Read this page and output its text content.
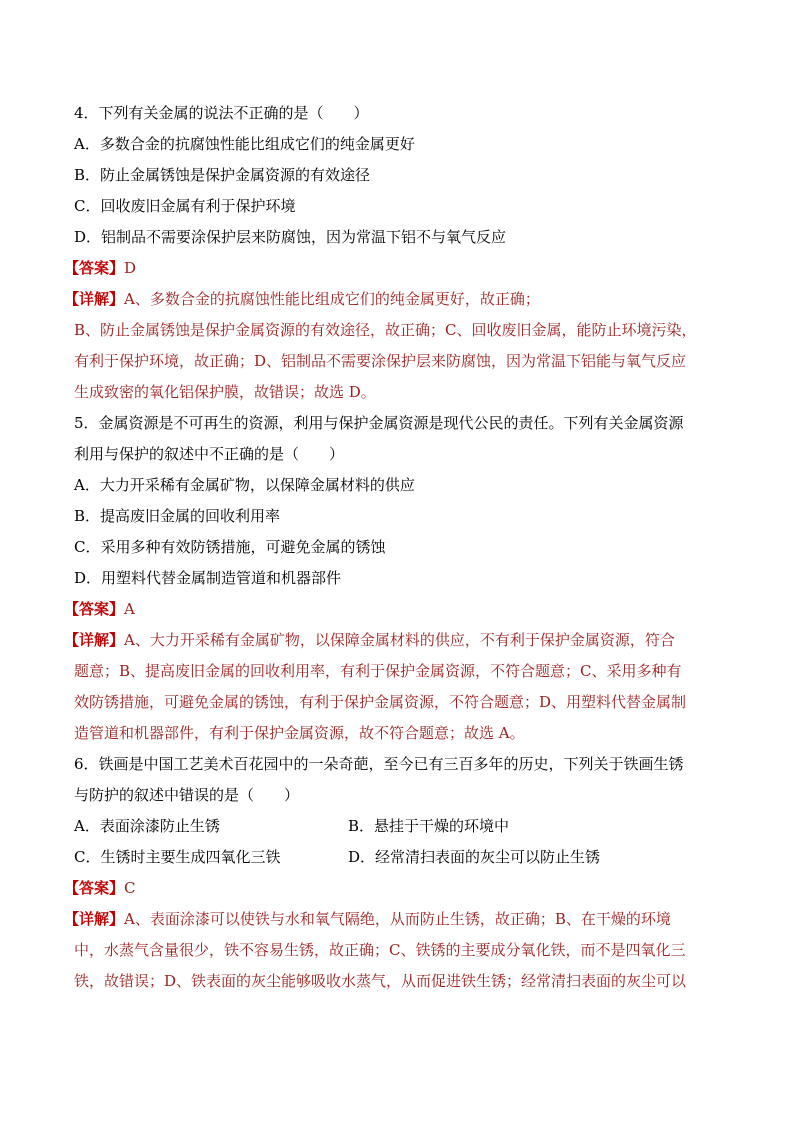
4．下列有关金属的说法不正确的是（　　）
A．多数合金的抗腐蚀性能比组成它们的纯金属更好
B．防止金属锈蚀是保护金属资源的有效途径
C．回收废旧金属有利于保护环境
D．铝制品不需要涂保护层来防腐蚀，因为常温下铝不与氧气反应
【答案】D
【详解】A、多数合金的抗腐蚀性能比组成它们的纯金属更好，故正确；
B、防止金属锈蚀是保护金属资源的有效途径，故正确；C、回收废旧金属，能防止环境污染，
有利于保护环境，故正确；D、铝制品不需要涂保护层来防腐蚀，因为常温下铝能与氧气反应
生成致密的氧化铝保护膜，故错误；故选 D。
5．金属资源是不可再生的资源，利用与保护金属资源是现代公民的责任。下列有关金属资源
利用与保护的叙述中不正确的是（　　）
A．大力开采稀有金属矿物，以保障金属材料的供应
B．提高废旧金属的回收利用率
C．采用多种有效防锈措施，可避免金属的锈蚀
D．用塑料代替金属制造管道和机器部件
【答案】A
【详解】A、大力开采稀有金属矿物，以保障金属材料的供应，不有利于保护金属资源，符合
题意；B、提高废旧金属的回收利用率，有利于保护金属资源，不符合题意；C、采用多种有
效防锈措施，可避免金属的锈蚀，有利于保护金属资源，不符合题意；D、用塑料代替金属制
造管道和机器部件，有利于保护金属资源，故不符合题意；故选 A。
6．铁画是中国工艺美术百花园中的一朵奇葩，至今已有三百多年的历史，下列关于铁画生锈
与防护的叙述中错误的是（　　）
A．表面涂漆防止生锈	B．悬挂于干燥的环境中
C．生锈时主要生成四氧化三铁	D．经常清扫表面的灰尘可以防止生锈
【答案】C
【详解】A、表面涂漆可以使铁与水和氧气隔绝，从而防止生锈，故正确；B、在干燥的环境
中，水蒸气含量很少，铁不容易生锈，故正确；C、铁锈的主要成分氧化铁，而不是四氧化三
铁，故错误；D、铁表面的灰尘能够吸收水蒸气，从而促进铁生锈；经常清扫表面的灰尘可以
